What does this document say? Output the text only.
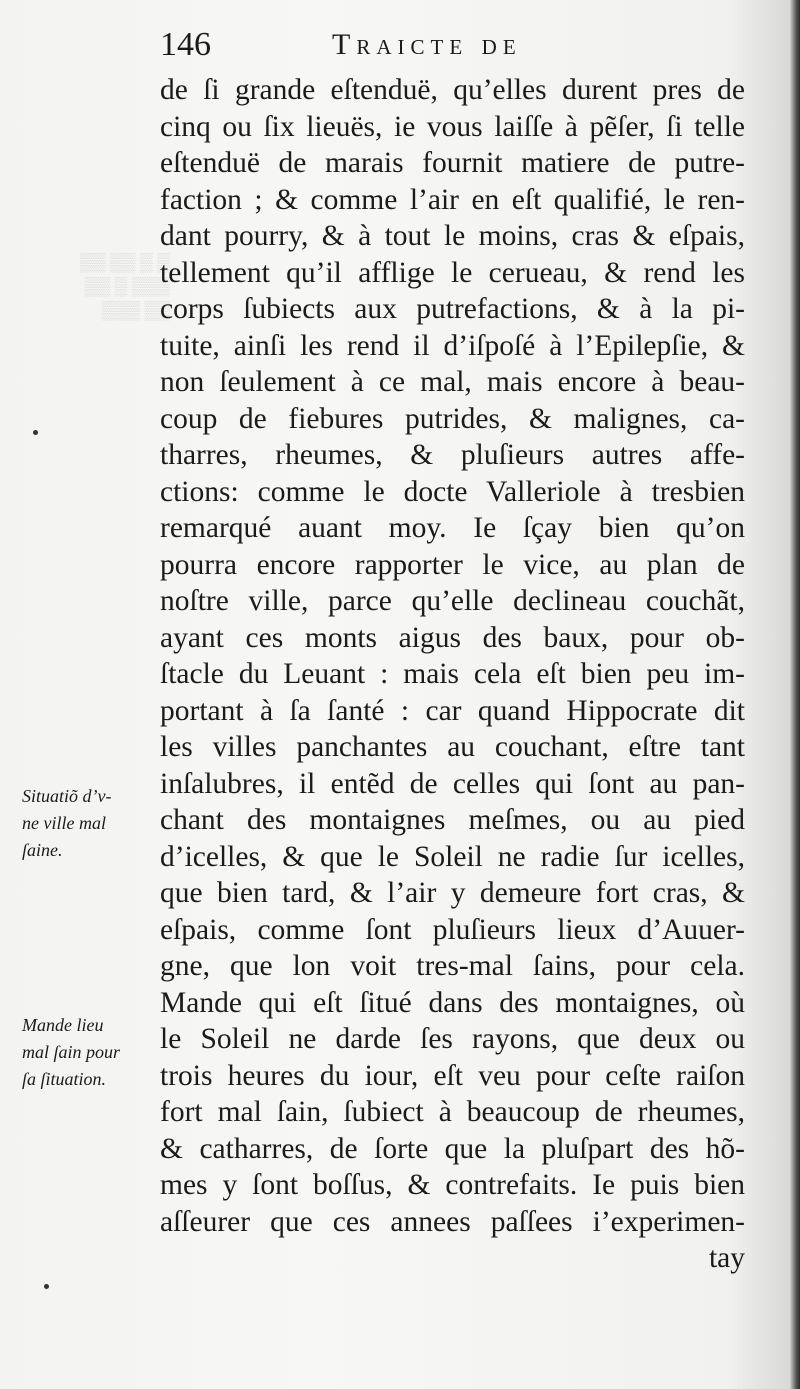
▒▒ ▒▒ ▒ ▒
▒▒ ▒ ▒▒▒
▒▒▒ ▒▒
146	Traicte de
de ſi grande eſtenduë, qu’elles durent pres de
cinq ou ſix lieuës, ie vous laiſſe à pẽſer, ſi telle
eſtenduë de marais fournit matiere de putre-
faction ; & comme l’air en eſt qualifié, le ren-
dant pourry, & à tout le moins, cras & eſpais,
tellement qu’il afflige le cerueau, & rend les
corps ſubiects aux putrefactions, & à la pi-
tuite, ainſi les rend il d’iſpoſé à l’Epilepſie, &
non ſeulement à ce mal, mais encore à beau-
coup de fiebures putrides, & malignes, ca-
tharres, rheumes, & pluſieurs autres affe-
ctions: comme le docte Valleriole à tresbien
remarqué auant moy. Ie ſçay bien qu’on
pourra encore rapporter le vice, au plan de
noſtre ville, parce qu’elle declineau couchãt,
ayant ces monts aigus des baux, pour ob-
ſtacle du Leuant : mais cela eſt bien peu im-
portant à ſa ſanté : car quand Hippocrate dit
les villes panchantes au couchant, eſtre tant
inſalubres, il entẽd de celles qui ſont au pan-
chant des montaignes meſmes, ou au pied
d’icelles, & que le Soleil ne radie ſur icelles,
que bien tard, & l’air y demeure fort cras, &
eſpais, comme ſont pluſieurs lieux d’Auuer-
gne, que lon voit tres-mal ſains, pour cela.
Mande qui eſt ſitué dans des montaignes, où
le Soleil ne darde ſes rayons, que deux ou
trois heures du iour, eſt veu pour ceſte raiſon
fort mal ſain, ſubiect à beaucoup de rheumes,
& catharres, de ſorte que la pluſpart des hõ-
mes y ſont boſſus, & contrefaits. Ie puis bien
aſſeurer que ces annees paſſees i’experimen-
tay
Situatiõ d’v-
ne ville mal
ſaine.
Mande lieu
mal ſain pour
ſa ſituation.
